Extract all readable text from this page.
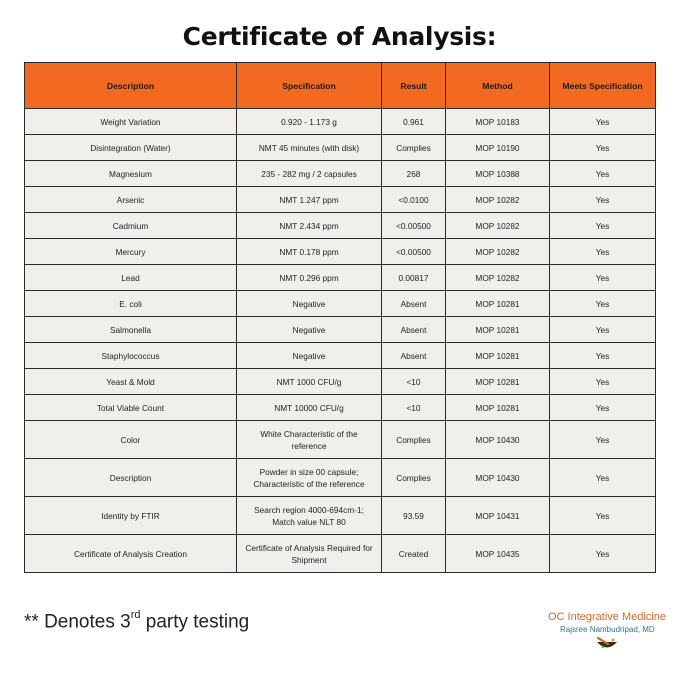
Certificate of Analysis:
Description	Specification	Result	Method	Meets Specification
Weight Variation	0.920 - 1.173 g	0.961	MOP 10183	Yes
Disintegration (Water)	NMT 45 minutes (with disk)	Complies	MOP 10190	Yes
Magnesium	235 - 282 mg / 2 capsules	268	MOP 10388	Yes
Arsenic	NMT 1.247 ppm	<0.0100	MOP 10282	Yes
Cadmium	NMT 2.434 ppm	<0.00500	MOP 10282	Yes
Mercury	NMT 0.178 ppm	<0.00500	MOP 10282	Yes
Lead	NMT 0.296 ppm	0.00817	MOP 10282	Yes
E. coli	Negative	Absent	MOP 10281	Yes
Salmonella	Negative	Absent	MOP 10281	Yes
Staphylococcus	Negative	Absent	MOP 10281	Yes
Yeast & Mold	NMT 1000 CFU/g	<10	MOP 10281	Yes
Total Viable Count	NMT 10000 CFU/g	<10	MOP 10281	Yes
Color	White Characteristic of the reference	Complies	MOP 10430	Yes
Description	Powder in size 00 capsule; Characteristic of the reference	Complies	MOP 10430	Yes
Identity by FTIR	Search region 4000-694cm-1; Match value NLT 80	93.59	MOP 10431	Yes
Certificate of Analysis Creation	Certificate of Analysis Required for Shipment	Created	MOP 10435	Yes
** Denotes 3rd party testing	OC Integrative Medicine
Rajsree Nambudripad, MD
